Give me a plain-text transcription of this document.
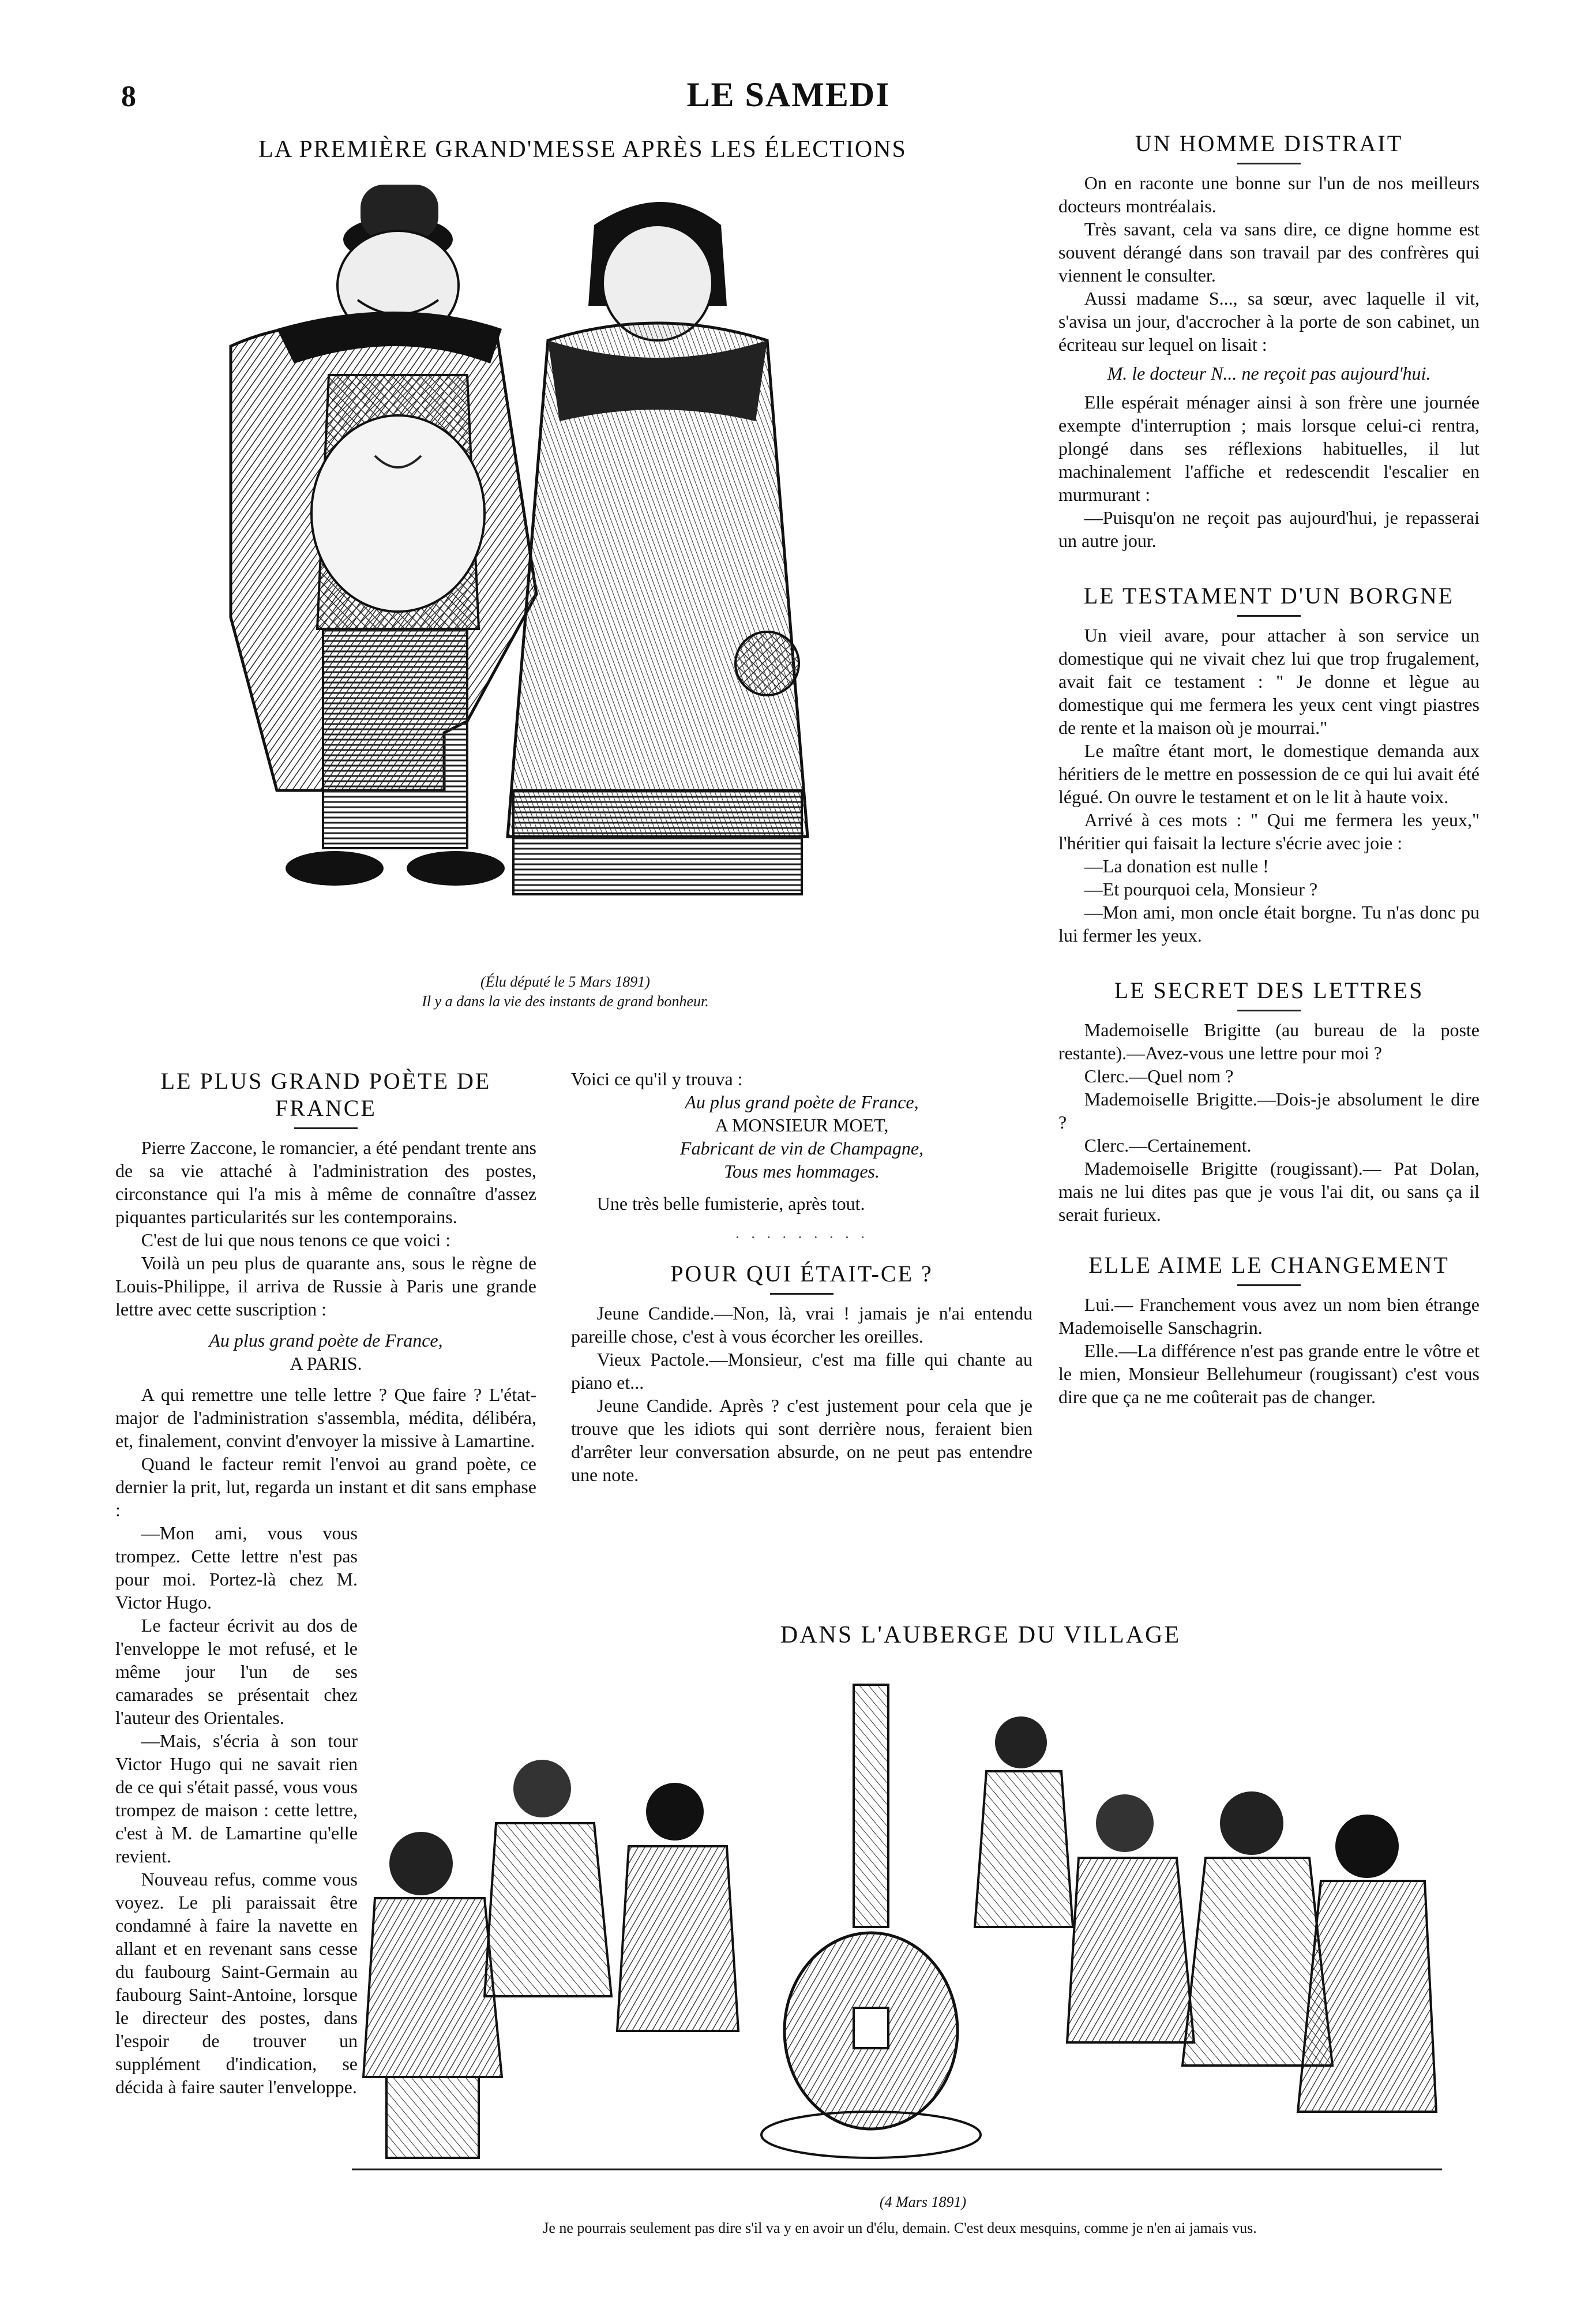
8	LE SAMEDI
LA PREMIÈRE GRAND'MESSE APRÈS LES ÉLECTIONS
(Élu député le 5 Mars 1891)
Il y a dans la vie des instants de grand bonheur.
UN HOMME DISTRAIT

On en raconte une bonne sur l'un de nos meilleurs docteurs montréalais.

Très savant, cela va sans dire, ce digne homme est souvent dérangé dans son travail par des confrères qui viennent le consulter.

Aussi madame S..., sa sœur, avec laquelle il vit, s'avisa un jour, d'accrocher à la porte de son cabinet, un écriteau sur lequel on lisait :

M. le docteur N... ne reçoit pas aujourd'hui.

Elle espérait ménager ainsi à son frère une journée exempte d'interruption ; mais lorsque celui-ci rentra, plongé dans ses réflexions habituelles, il lut machinalement l'affiche et redescendit l'escalier en murmurant :

—Puisqu'on ne reçoit pas aujourd'hui, je repasserai un autre jour.

LE TESTAMENT D'UN BORGNE

Un vieil avare, pour attacher à son service un domestique qui ne vivait chez lui que trop frugalement, avait fait ce testament : " Je donne et lègue au domestique qui me fermera les yeux cent vingt piastres de rente et la maison où je mourrai."

Le maître étant mort, le domestique demanda aux héritiers de le mettre en possession de ce qui lui avait été légué. On ouvre le testament et on le lit à haute voix.

Arrivé à ces mots : " Qui me fermera les yeux," l'héritier qui faisait la lecture s'écrie avec joie :

—La donation est nulle !

—Et pourquoi cela, Monsieur ?

—Mon ami, mon oncle était borgne. Tu n'as donc pu lui fermer les yeux.

LE SECRET DES LETTRES

Mademoiselle Brigitte (au bureau de la poste restante).—Avez-vous une lettre pour moi ?

Clerc.—Quel nom ?

Mademoiselle Brigitte.—Dois-je absolument le dire ?

Clerc.—Certainement.

Mademoiselle Brigitte (rougissant).— Pat Dolan, mais ne lui dites pas que je vous l'ai dit, ou sans ça il serait furieux.

ELLE AIME LE CHANGEMENT

Lui.— Franchement vous avez un nom bien étrange Mademoiselle Sanschagrin.

Elle.—La différence n'est pas grande entre le vôtre et le mien, Monsieur Bellehumeur (rougissant) c'est vous dire que ça ne me coûterait pas de changer.

LE PLUS GRAND POÈTE DE FRANCE

Pierre Zaccone, le romancier, a été pendant trente ans de sa vie attaché à l'administration des postes, circonstance qui l'a mis à même de connaître d'assez piquantes particularités sur les contemporains.

C'est de lui que nous tenons ce que voici :

Voilà un peu plus de quarante ans, sous le règne de Louis-Philippe, il arriva de Russie à Paris une grande lettre avec cette suscription :

Au plus grand poète de France,

A PARIS.

A qui remettre une telle lettre ? Que faire ? L'état-major de l'administration s'assembla, médita, délibéra, et, finalement, convint d'envoyer la missive à Lamartine.

Quand le facteur remit l'envoi au grand poète, ce dernier la prit, lut, regarda un instant et dit sans emphase :

—Mon ami, vous vous trompez. Cette lettre n'est pas pour moi. Portez-là chez M. Victor Hugo.

Le facteur écrivit au dos de l'enveloppe le mot refusé, et le même jour l'un de ses camarades se présentait chez l'auteur des Orientales.

—Mais, s'écria à son tour Victor Hugo qui ne savait rien de ce qui s'était passé, vous vous trompez de maison : cette lettre, c'est à M. de Lamartine qu'elle revient.

Nouveau refus, comme vous voyez. Le pli paraissait être condamné à faire la navette en allant et en revenant sans cesse du faubourg Saint-Germain au faubourg Saint-Antoine, lorsque le directeur des postes, dans l'espoir de trouver un supplément d'indication, se décida à faire sauter l'enveloppe.

Voici ce qu'il y trouva :

Au plus grand poète de France,

A MONSIEUR MOET,

Fabricant de vin de Champagne,

Tous mes hommages.

Une très belle fumisterie, après tout.

· · · · · · · · ·
POUR QUI ÉTAIT-CE ?

Jeune Candide.—Non, là, vrai ! jamais je n'ai entendu pareille chose, c'est à vous écorcher les oreilles.

Vieux Pactole.—Monsieur, c'est ma fille qui chante au piano et...

Jeune Candide. Après ? c'est justement pour cela que je trouve que les idiots qui sont derrière nous, feraient bien d'arrêter leur conversation absurde, on ne peut pas entendre une note.

DANS L'AUBERGE DU VILLAGE
(4 Mars 1891)
Je ne pourrais seulement pas dire s'il va y en avoir un d'élu, demain. C'est deux mesquins, comme je n'en ai jamais vus.
